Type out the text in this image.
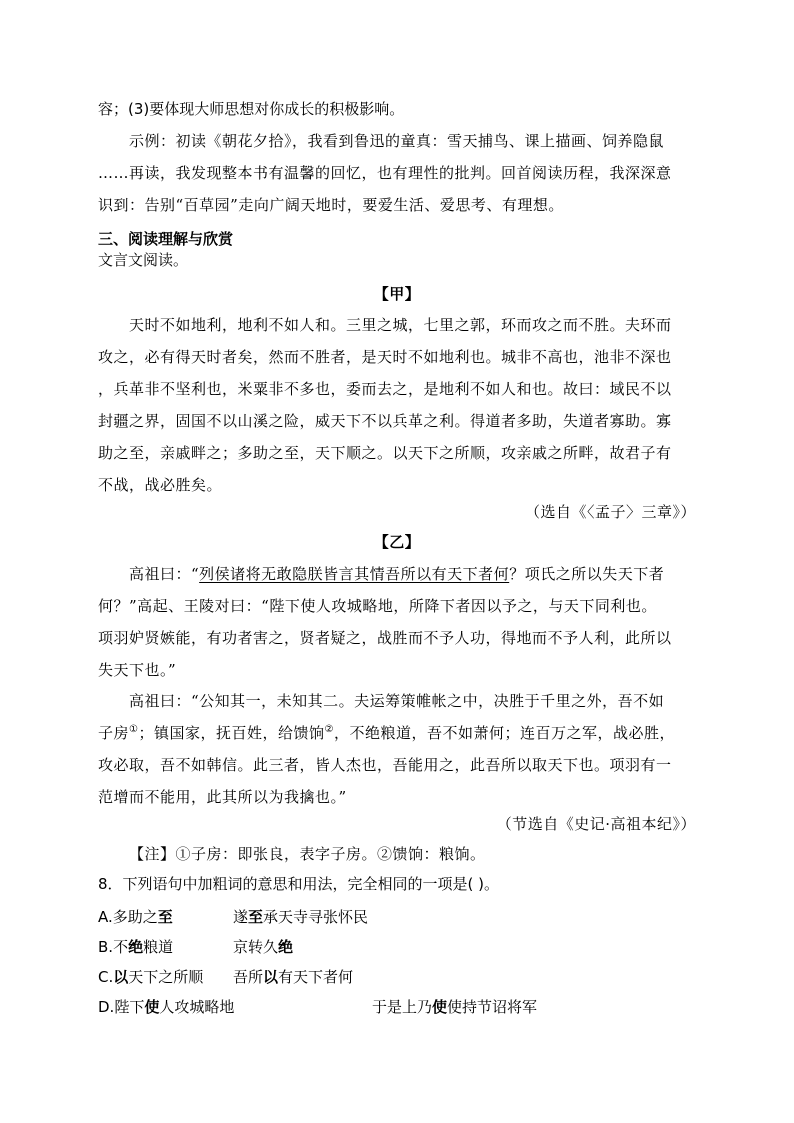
容；(3)要体现大师思想对你成长的积极影响。
示例：初读《朝花夕拾》，我看到鲁迅的童真：雪天捕鸟、课上描画、饲养隐鼠
……再读，我发现整本书有温馨的回忆，也有理性的批判。回首阅读历程，我深深意
识到：告别“百草园”走向广阔天地时，要爱生活、爱思考、有理想。
三、阅读理解与欣赏
文言文阅读。
【甲】
天时不如地利，地利不如人和。三里之城，七里之郭，环而攻之而不胜。夫环而
攻之，必有得天时者矣，然而不胜者，是天时不如地利也。城非不高也，池非不深也
，兵革非不坚利也，米粟非不多也，委而去之，是地利不如人和也。故曰：域民不以
封疆之界，固国不以山溪之险，威天下不以兵革之利。得道者多助，失道者寡助。寡
助之至，亲戚畔之；多助之至，天下顺之。以天下之所顺，攻亲戚之所畔，故君子有
不战，战必胜矣。
（选自《〈孟子〉三章》）
【乙】
高祖曰：“列侯诸将无敢隐朕皆言其情吾所以有天下者何？项氏之所以失天下者
何？”高起、王陵对曰：“陛下使人攻城略地，所降下者因以予之，与天下同利也。
项羽妒贤嫉能，有功者害之，贤者疑之，战胜而不予人功，得地而不予人利，此所以
失天下也。”
高祖曰：“公知其一，未知其二。夫运筹策帷帐之中，决胜于千里之外，吾不如
子房①；镇国家，抚百姓，给馈饷②，不绝粮道，吾不如萧何；连百万之军，战必胜，
攻必取，吾不如韩信。此三者，皆人杰也，吾能用之，此吾所以取天下也。项羽有一
范增而不能用，此其所以为我擒也。”
（节选自《史记·高祖本纪》）
【注】①子房：即张良，表字子房。②馈饷：粮饷。
8．下列语句中加粗词的意思和用法，完全相同的一项是( )。
A.多助之至	遂至承天寺寻张怀民
B.不绝粮道	京转久绝
C.以天下之所顺 吾所以有天下者何
D.陛下使人攻城略地	于是上乃使使持节诏将军
